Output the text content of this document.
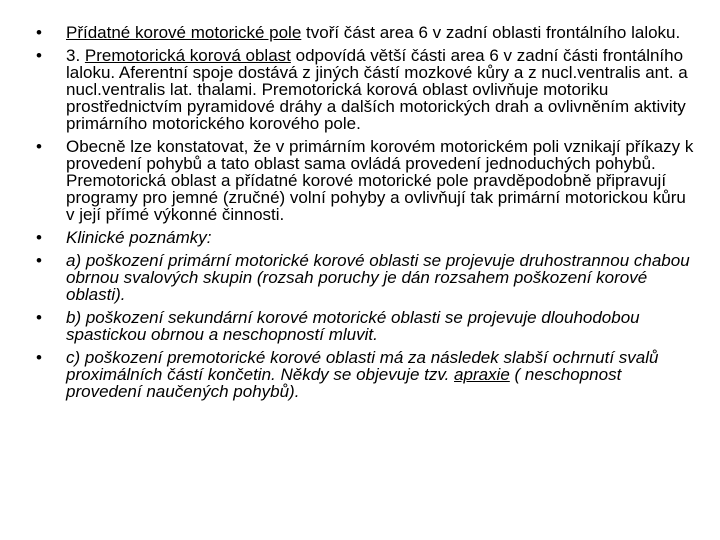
•	Přídatné korové motorické pole tvoří část area 6 v zadní oblasti frontálního laloku.
•	3. Premotorická korová oblast odpovídá větší části area 6 v zadní části frontálního laloku. Aferentní spoje dostává z jiných částí mozkové kůry a z nucl.ventralis ant. a nucl.ventralis lat. thalami. Premotorická korová oblast ovlivňuje motoriku prostřednictvím pyramidové dráhy a dalších motorických drah a ovlivněním aktivity primárního motorického korového pole.
•	Obecně lze konstatovat, že v primárním korovém motorickém poli vznikají příkazy k provedení pohybů a tato oblast sama ovládá provedení jednoduchých pohybů. Premotorická oblast a přídatné korové motorické pole pravděpodobně připravují programy pro jemné (zručné) volní pohyby a ovlivňují tak primární motorickou kůru v její přímé výkonné činnosti.
•	Klinické poznámky:
•	a) poškození primární motorické korové oblasti se projevuje druhostrannou chabou obrnou svalových skupin (rozsah poruchy je dán rozsahem poškození korové oblasti).
•	b) poškození sekundární korové motorické oblasti se projevuje dlouhodobou spastickou obrnou a neschopností mluvit.
•	c) poškození premotorické korové oblasti má za následek slabší ochrnutí svalů proximálních částí končetin. Někdy se objevuje tzv. apraxie ( neschopnost provedení naučených pohybů).
